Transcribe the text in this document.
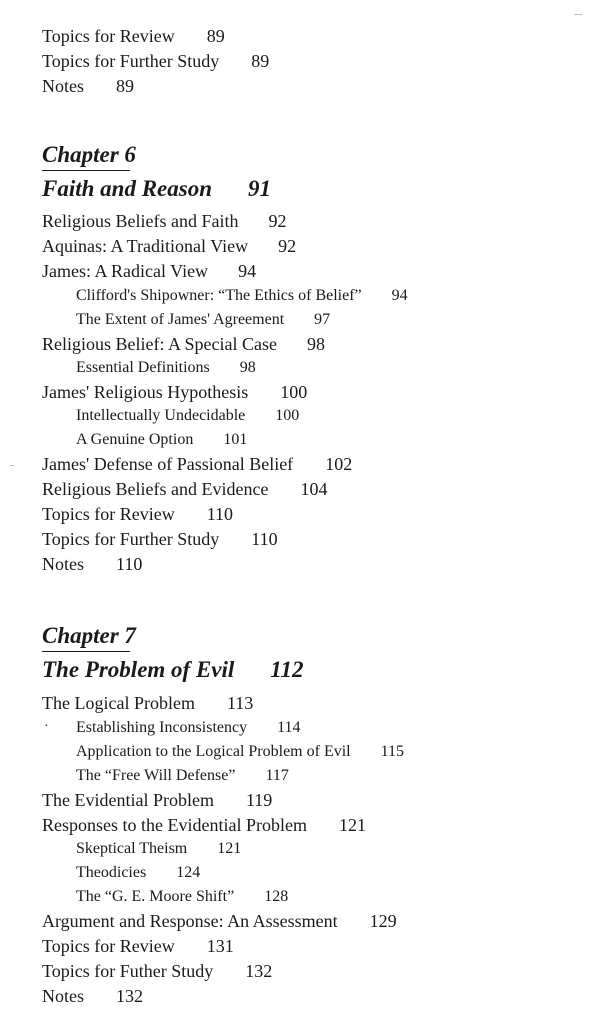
Topics for Review 89
Topics for Further Study 89
Notes 89
Chapter 6
Faith and Reason 91
Religious Beliefs and Faith 92
Aquinas: A Traditional View 92
James: A Radical View 94
Clifford's Shipowner: “The Ethics of Belief” 94
The Extent of James' Agreement 97
Religious Belief: A Special Case 98
Essential Definitions 98
James' Religious Hypothesis 100
Intellectually Undecidable 100
A Genuine Option 101
James' Defense of Passional Belief 102
Religious Beliefs and Evidence 104
Topics for Review 110
Topics for Further Study 110
Notes 110
Chapter 7
The Problem of Evil 112
The Logical Problem 113
· Establishing Inconsistency 114
Application to the Logical Problem of Evil 115
The “Free Will Defense” 117
The Evidential Problem 119
Responses to the Evidential Problem 121
Skeptical Theism 121
Theodicies 124
The “G. E. Moore Shift” 128
Argument and Response: An Assessment 129
Topics for Review 131
Topics for Futher Study 132
Notes 132
